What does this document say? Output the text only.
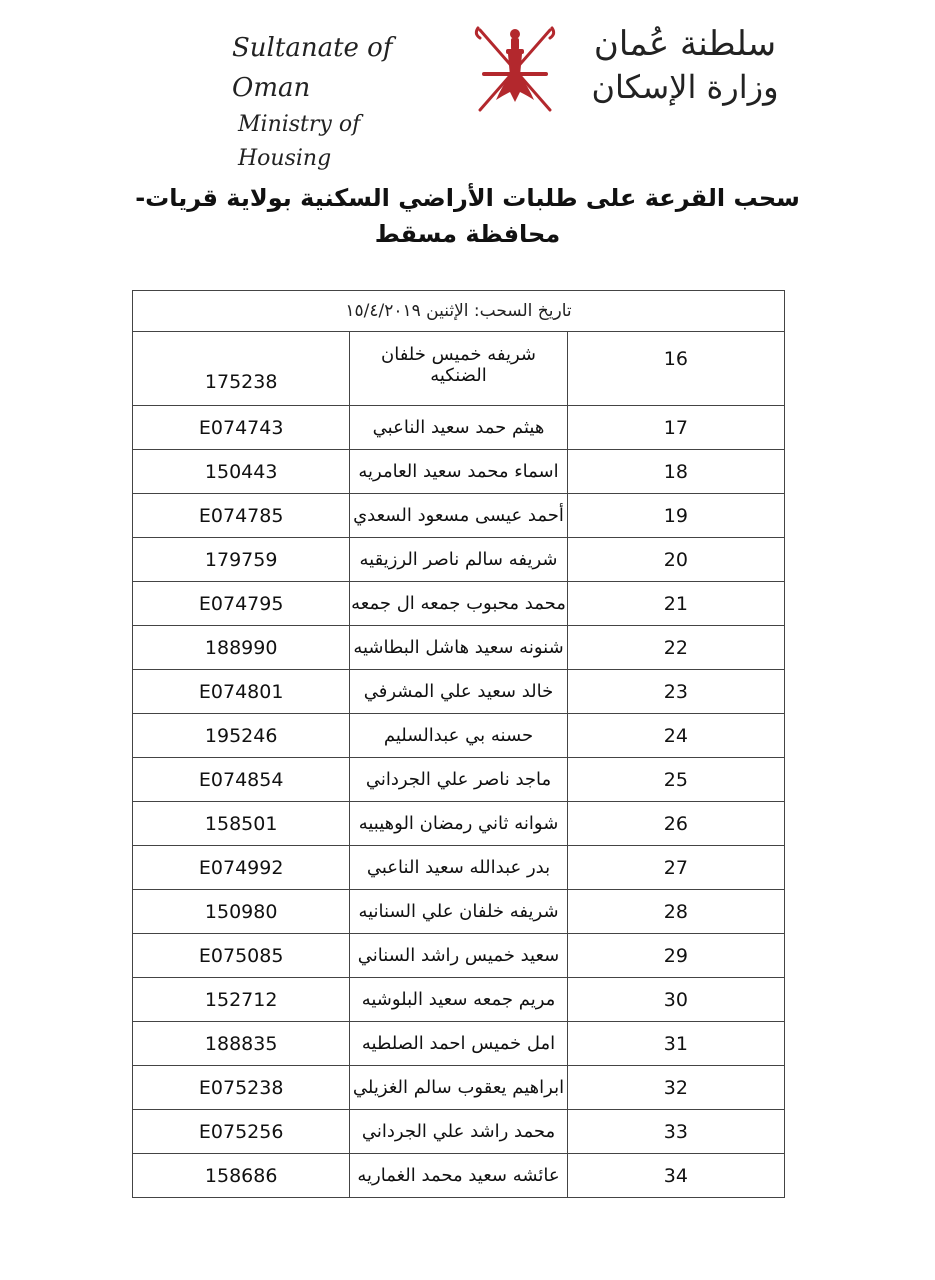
Sultanate of Oman
Ministry of Housing
سلطنة عُمان
وزارة الإسكان
سحب القرعة على طلبات الأراضي السكنية بولاية قريات- محافظة مسقط
تاريخ السحب: الإثنين ١٥/٤/٢٠١٩		
16	شريفه خميس خلفان الضنكيه	175238
17	هيثم حمد سعيد الناعبي	E074743
18	اسماء محمد سعيد العامريه	150443
19	أحمد عيسى مسعود السعدي	E074785
20	شريفه سالم ناصر الرزيقيه	179759
21	محمد محبوب جمعه ال جمعه	E074795
22	شنونه سعيد هاشل البطاشيه	188990
23	خالد سعيد علي المشرفي	E074801
24	حسنه بي عبدالسليم	195246
25	ماجد ناصر علي الجرداني	E074854
26	شوانه ثاني رمضان الوهيبيه	158501
27	بدر عبدالله سعيد الناعبي	E074992
28	شريفه خلفان علي السنانيه	150980
29	سعيد خميس راشد السناني	E075085
30	مريم جمعه سعيد البلوشيه	152712
31	امل خميس احمد الصلطيه	188835
32	ابراهيم يعقوب سالم الغزيلي	E075238
33	محمد راشد علي الجرداني	E075256
34	عائشه سعيد محمد الغماريه	158686
